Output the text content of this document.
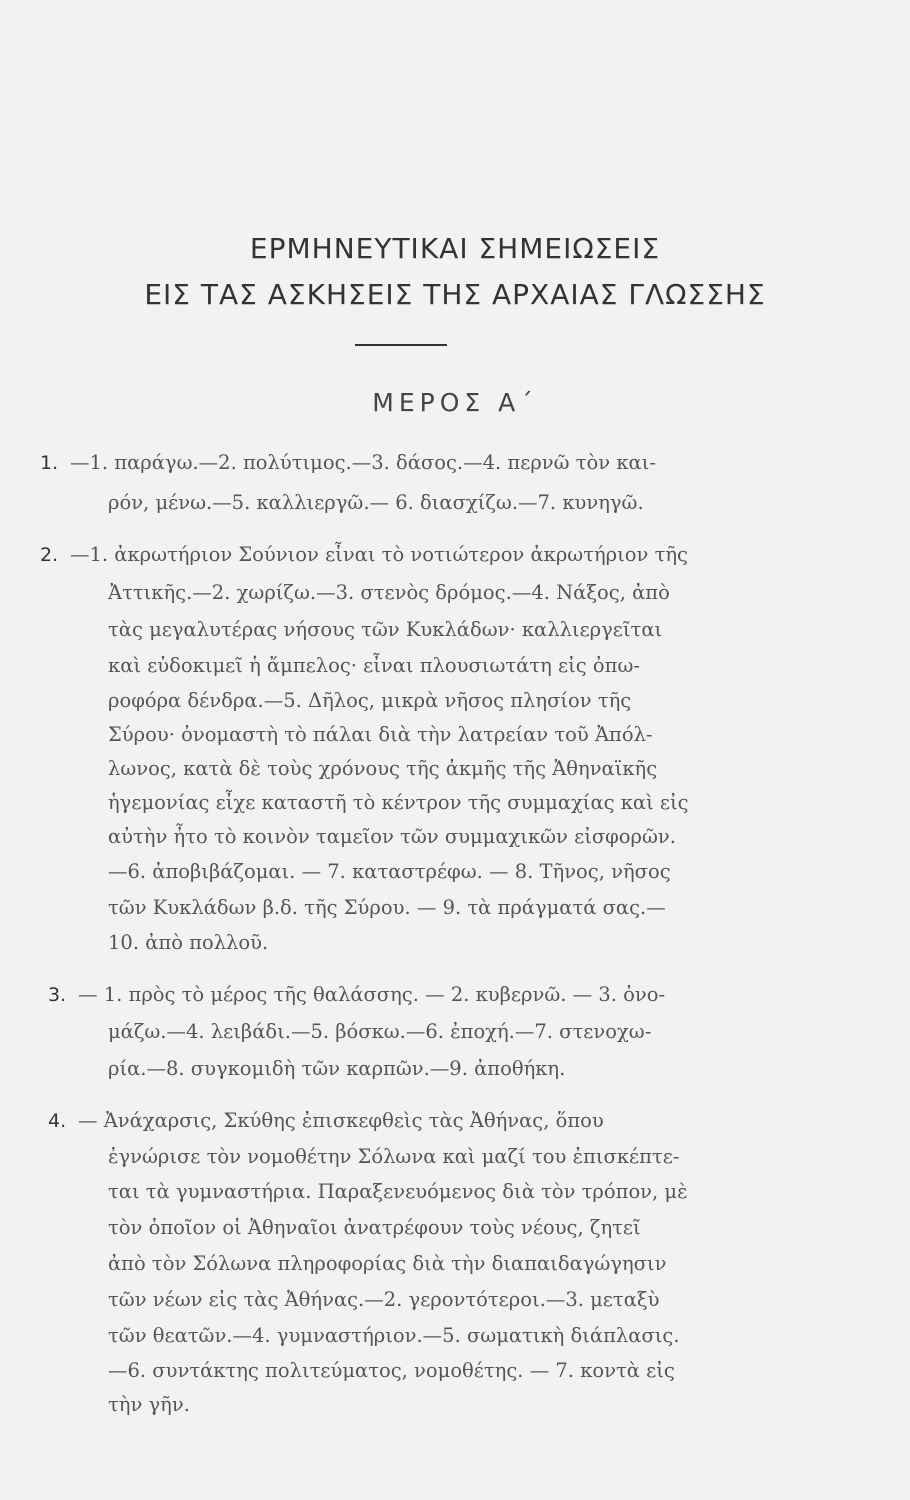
ΕΡΜΗΝΕΥΤΙΚΑΙ ΣΗΜΕΙΩΣΕΙΣ
ΕΙΣ ΤΑΣ ΑΣΚΗΣΕΙΣ ΤΗΣ ΑΡΧΑΙΑΣ ΓΛΩΣΣΗΣ
ΜΕΡΟΣ Α΄
1. —1. παράγω.—2. πολύτιμος.—3. δάσος.—4. περνῶ τὸν και-
ρόν, μένω.—5. καλλιεργῶ.— 6. διασχίζω.—7. κυνηγῶ.
2. —1. ἀκρωτήριον Σούνιον εἶναι τὸ νοτιώτερον ἀκρωτήριον τῆς
Ἀττικῆς.—2. χωρίζω.—3. στενὸς δρόμος.—4. Νάξος, ἀπὸ
τὰς μεγαλυτέρας νήσους τῶν Κυκλάδων· καλλιεργεῖται
καὶ εὐδοκιμεῖ ἡ ἄμπελος· εἶναι πλουσιωτάτη εἰς ὀπω-
ροφόρα δένδρα.—5. Δῆλος, μικρὰ νῆσος πλησίον τῆς
Σύρου· ὀνομαστὴ τὸ πάλαι διὰ τὴν λατρείαν τοῦ Ἀπόλ-
λωνος, κατὰ δὲ τοὺς χρόνους τῆς ἀκμῆς τῆς Ἀθηναϊκῆς
ἡγεμονίας εἶχε καταστῆ τὸ κέντρον τῆς συμμαχίας καὶ εἰς
αὐτὴν ἦτο τὸ κοινὸν ταμεῖον τῶν συμμαχικῶν εἰσφορῶν.
—6. ἀποβιβάζομαι. — 7. καταστρέφω. — 8. Τῆνος, νῆσος
τῶν Κυκλάδων β.δ. τῆς Σύρου. — 9. τὰ πράγματά σας.—
10. ἀπὸ πολλοῦ.
3. — 1. πρὸς τὸ μέρος τῆς θαλάσσης. — 2. κυβερνῶ. — 3. ὀνο-
μάζω.—4. λειβάδι.—5. βόσκω.—6. ἐποχή.—7. στενοχω-
ρία.—8. συγκομιδὴ τῶν καρπῶν.—9. ἀποθήκη.
4. — Ἀνάχαρσις, Σκύθης ἐπισκεφθεὶς τὰς Ἀθήνας, ὅπου
ἐγνώρισε τὸν νομοθέτην Σόλωνα καὶ μαζί του ἐπισκέπτε-
ται τὰ γυμναστήρια. Παραξενευόμενος διὰ τὸν τρόπον, μὲ
τὸν ὁποῖον οἱ Ἀθηναῖοι ἀνατρέφουν τοὺς νέους, ζητεῖ
ἀπὸ τὸν Σόλωνα πληροφορίας διὰ τὴν διαπαιδαγώγησιν
τῶν νέων εἰς τὰς Ἀθήνας.—2. γεροντότεροι.—3. μεταξὺ
τῶν θεατῶν.—4. γυμναστήριον.—5. σωματικὴ διάπλασις.
—6. συντάκτης πολιτεύματος, νομοθέτης. — 7. κοντὰ εἰς
τὴν γῆν.
